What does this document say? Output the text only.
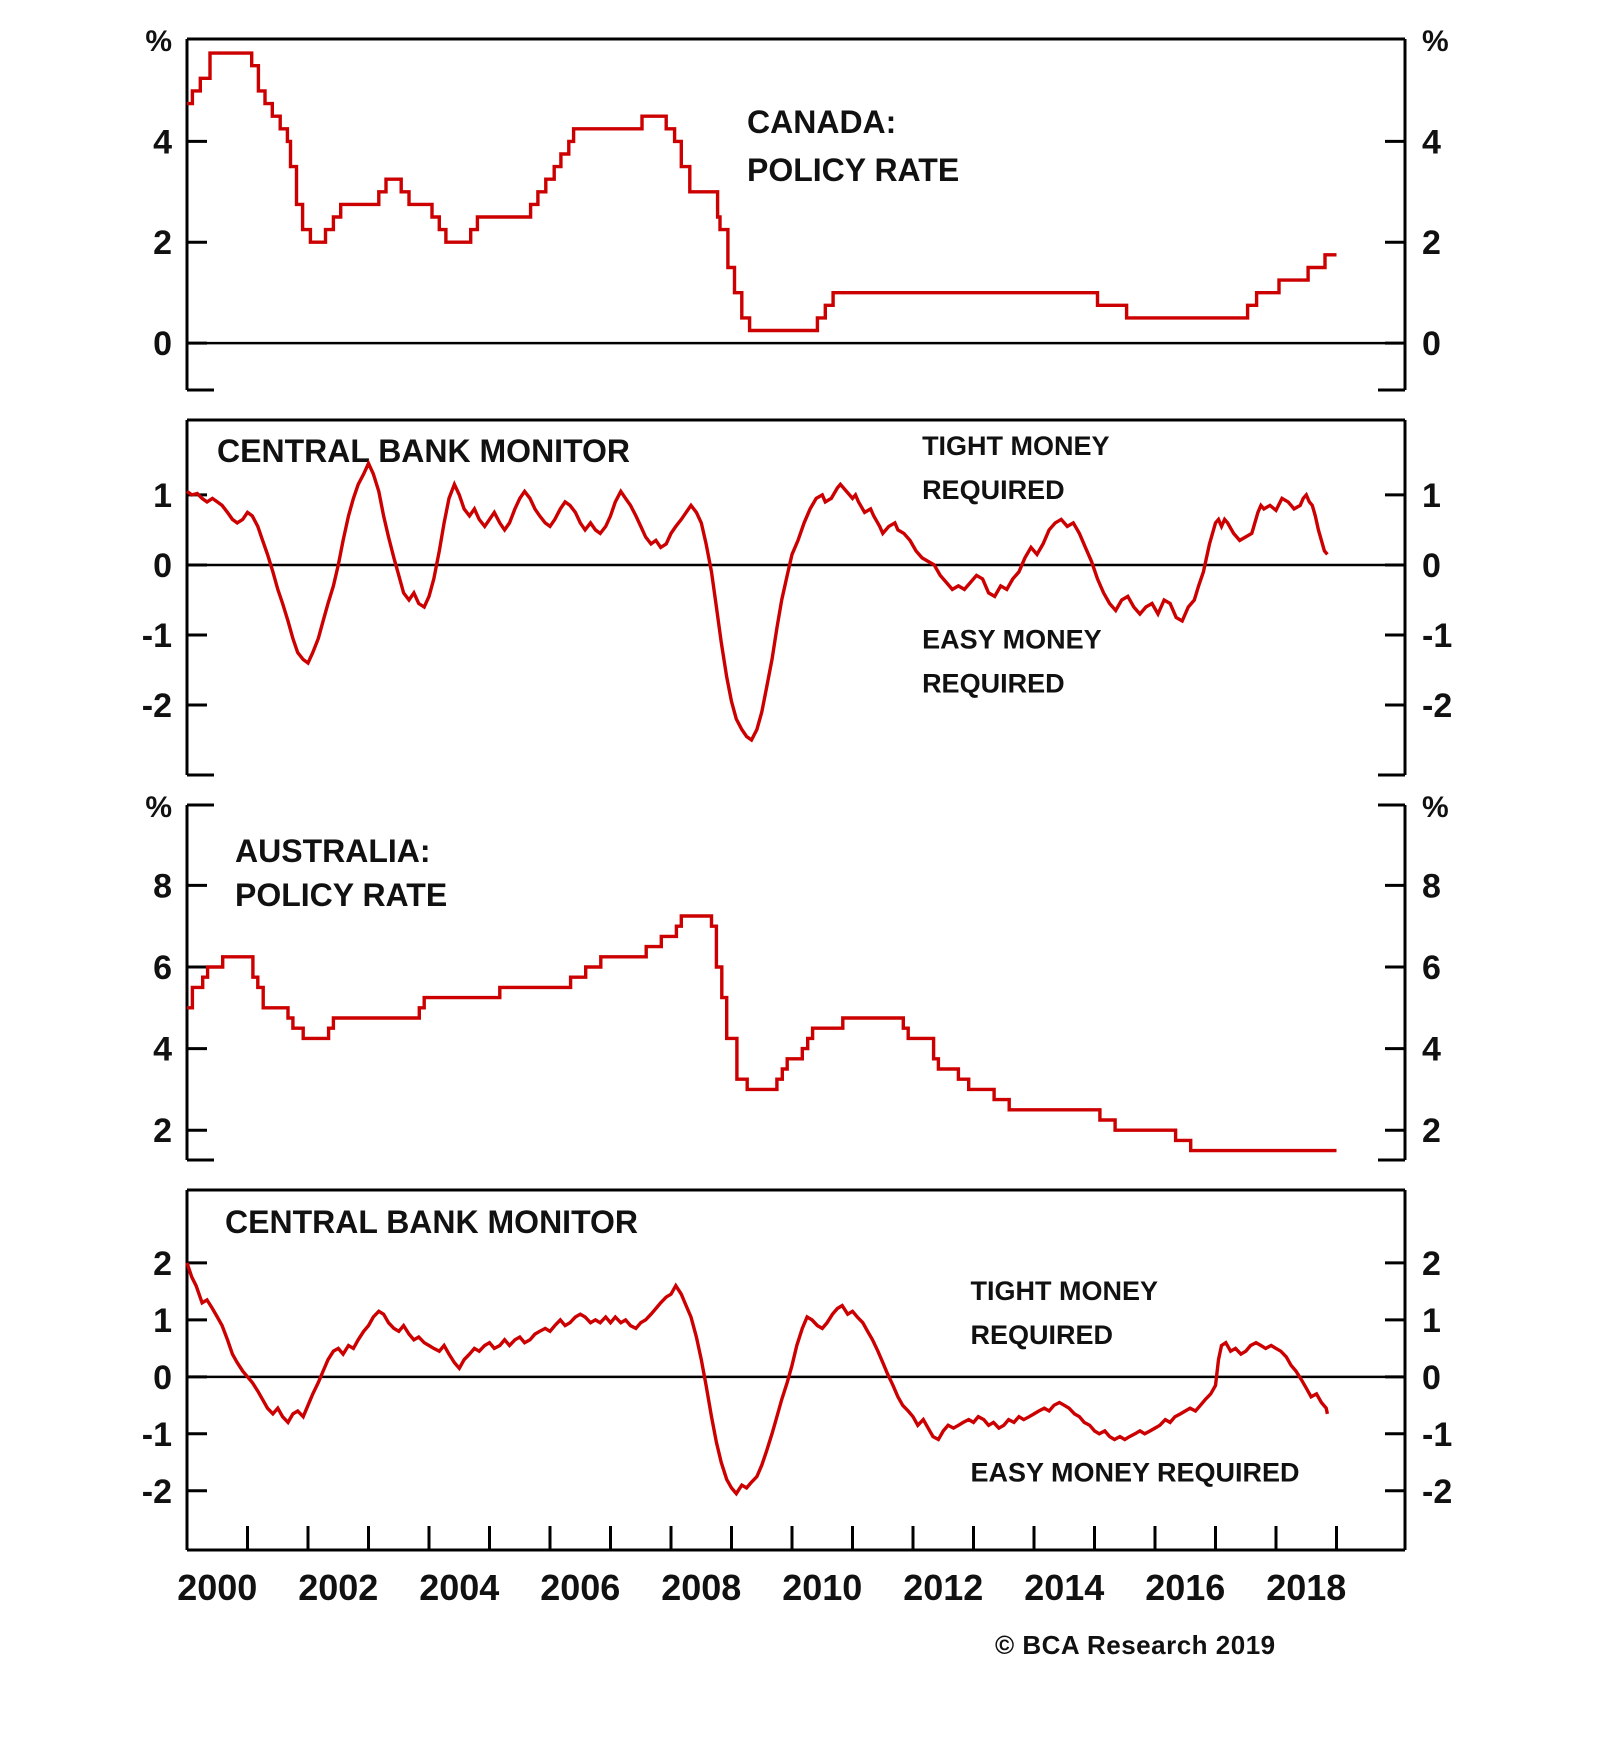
0	0
2	2
4	4
%	%
CANADA:
POLICY RATE
-2	-2
-1	-1
0	0
1	1
CENTRAL BANK MONITOR	TIGHT MONEY
REQUIRED
EASY MONEY
REQUIRED
2	2
4	4
6	6
8	8
%	%
AUSTRALIA:
POLICY RATE
-2	-2
-1	-1
0	0
1	1
2	2
CENTRAL BANK MONITOR
TIGHT MONEY
REQUIRED
EASY MONEY REQUIRED
2000 2002 2004 2006 2008 2010 2012 2014 2016 2018
© BCA Research 2019
